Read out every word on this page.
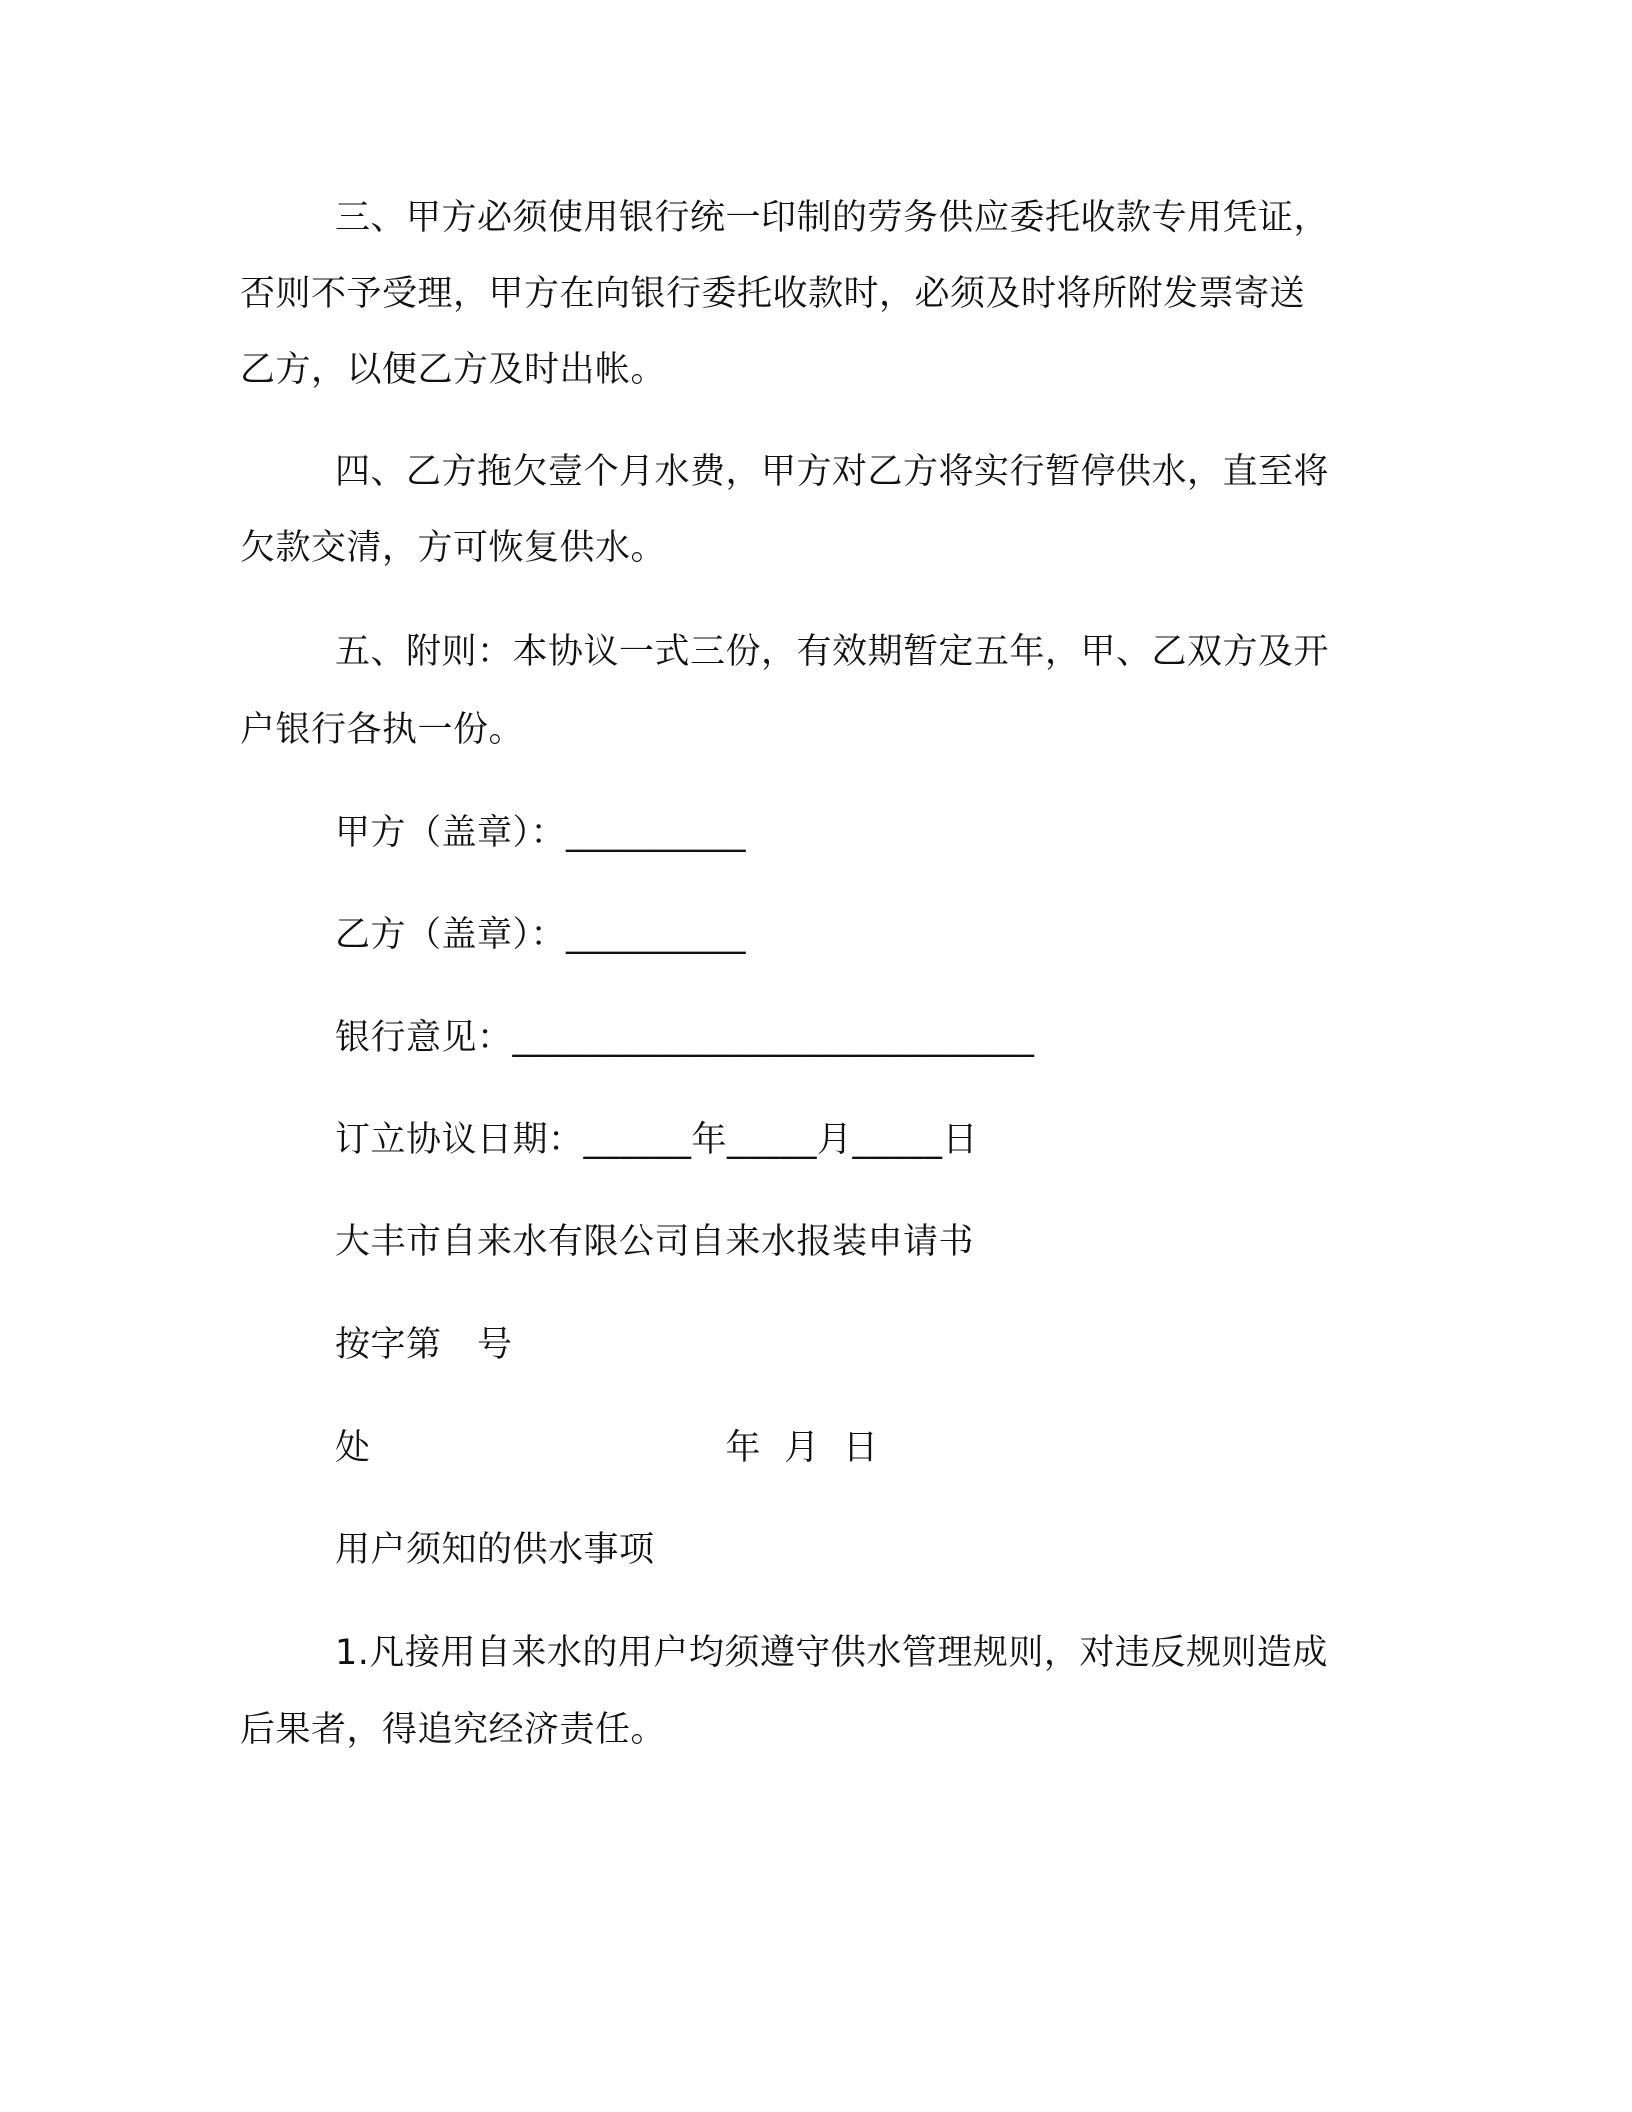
三、甲方必须使用银行统一印制的劳务供应委托收款专用凭证，
否则不予受理，甲方在向银行委托收款时，必须及时将所附发票寄送
乙方，以便乙方及时出帐。
四、乙方拖欠壹个月水费，甲方对乙方将实行暂停供水，直至将
欠款交清，方可恢复供水。
五、附则：本协议一式三份，有效期暂定五年，甲、乙双方及开
户银行各执一份。
甲方（盖章）：__________
乙方（盖章）：__________
银行意见：_____________________________
订立协议日期：______年_____月_____日
大丰市自来水有限公司自来水报装申请书
按字第　号
处　　　　　　　　　　年  月  日
用户须知的供水事项
1.凡接用自来水的用户均须遵守供水管理规则，对违反规则造成
后果者，得追究经济责任。
